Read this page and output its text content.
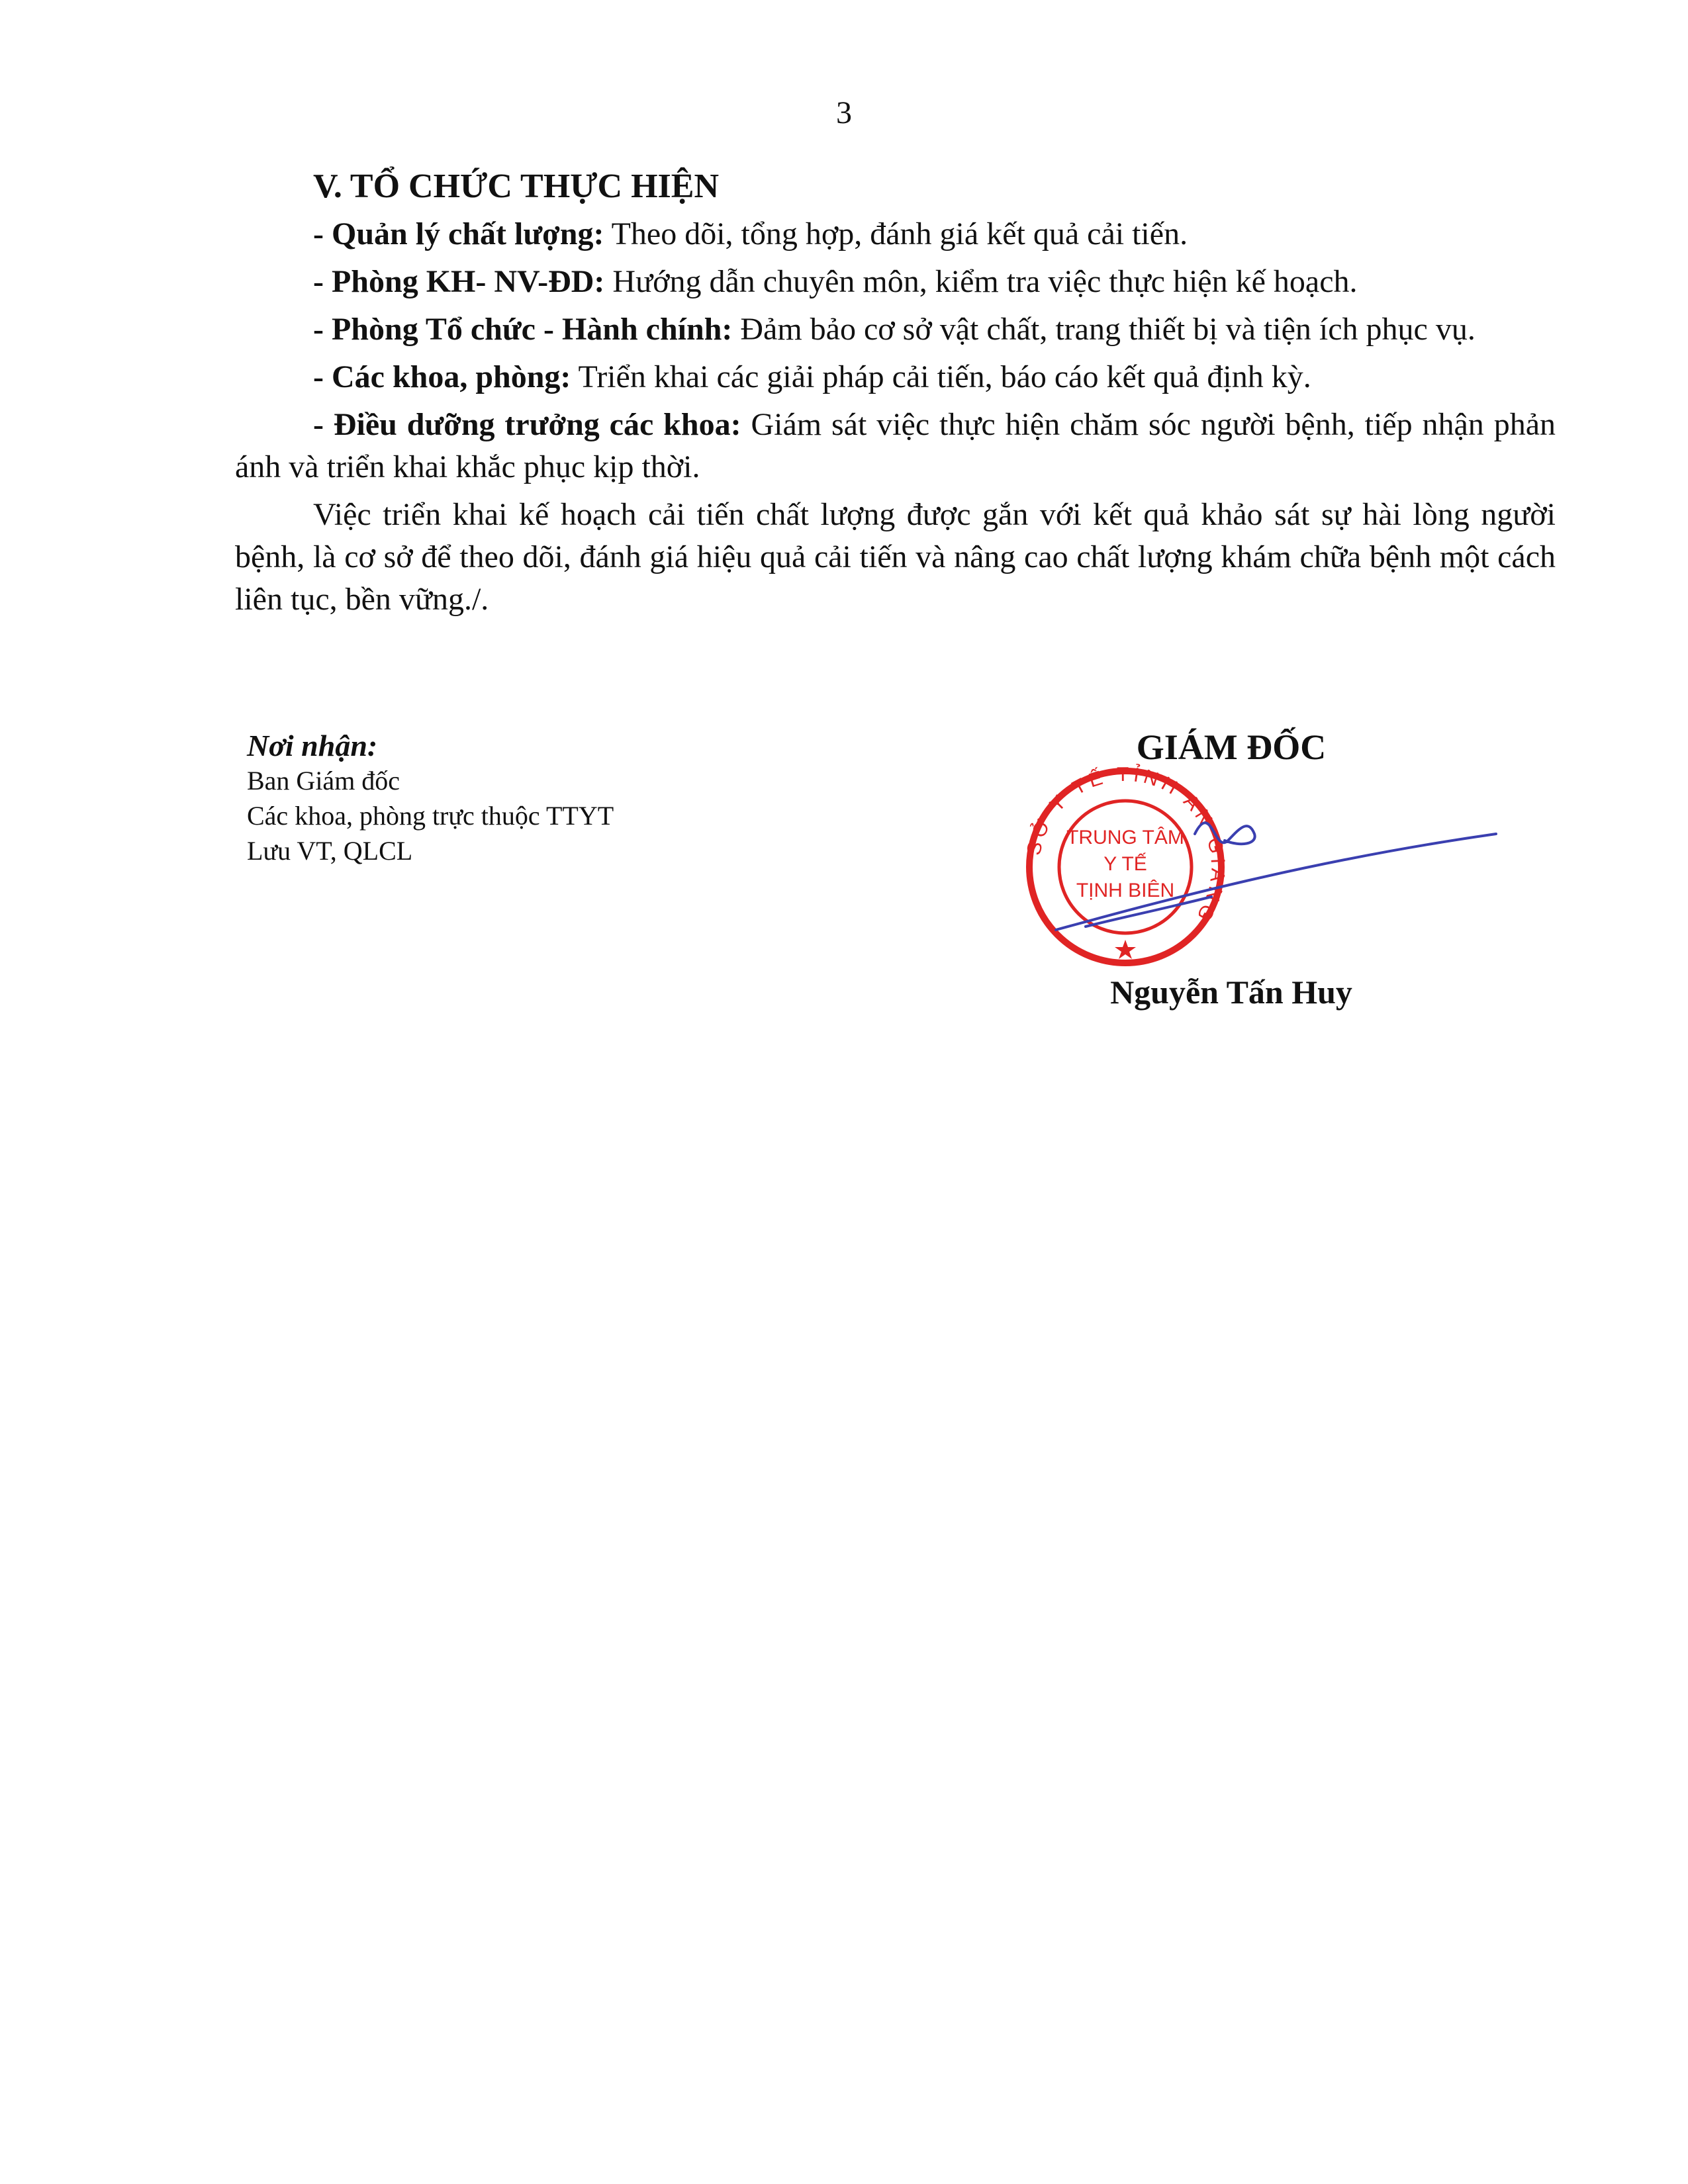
3
V. TỔ CHỨC THỰC HIỆN

- Quản lý chất lượng: Theo dõi, tổng hợp, đánh giá kết quả cải tiến.

- Phòng KH- NV-ĐD: Hướng dẫn chuyên môn, kiểm tra việc thực hiện kế hoạch.

- Phòng Tổ chức - Hành chính: Đảm bảo cơ sở vật chất, trang thiết bị và tiện ích phục vụ.

- Các khoa, phòng: Triển khai các giải pháp cải tiến, báo cáo kết quả định kỳ.

- Điều dưỡng trưởng các khoa: Giám sát việc thực hiện chăm sóc người bệnh, tiếp nhận phản ánh và triển khai khắc phục kịp thời.

Việc triển khai kế hoạch cải tiến chất lượng được gắn với kết quả khảo sát sự hài lòng người bệnh, là cơ sở để theo dõi, đánh giá hiệu quả cải tiến và nâng cao chất lượng khám chữa bệnh một cách liên tục, bền vững./.

Nơi nhận:
Ban Giám đốc
Các khoa, phòng trực thuộc TTYT
Lưu VT, QLCL
GIÁM ĐỐC
SỞ Y TẾ TỈNH AN GIANG
TRUNG TÂM
Y TẾ
TỊNH BIÊN
Nguyễn Tấn Huy
